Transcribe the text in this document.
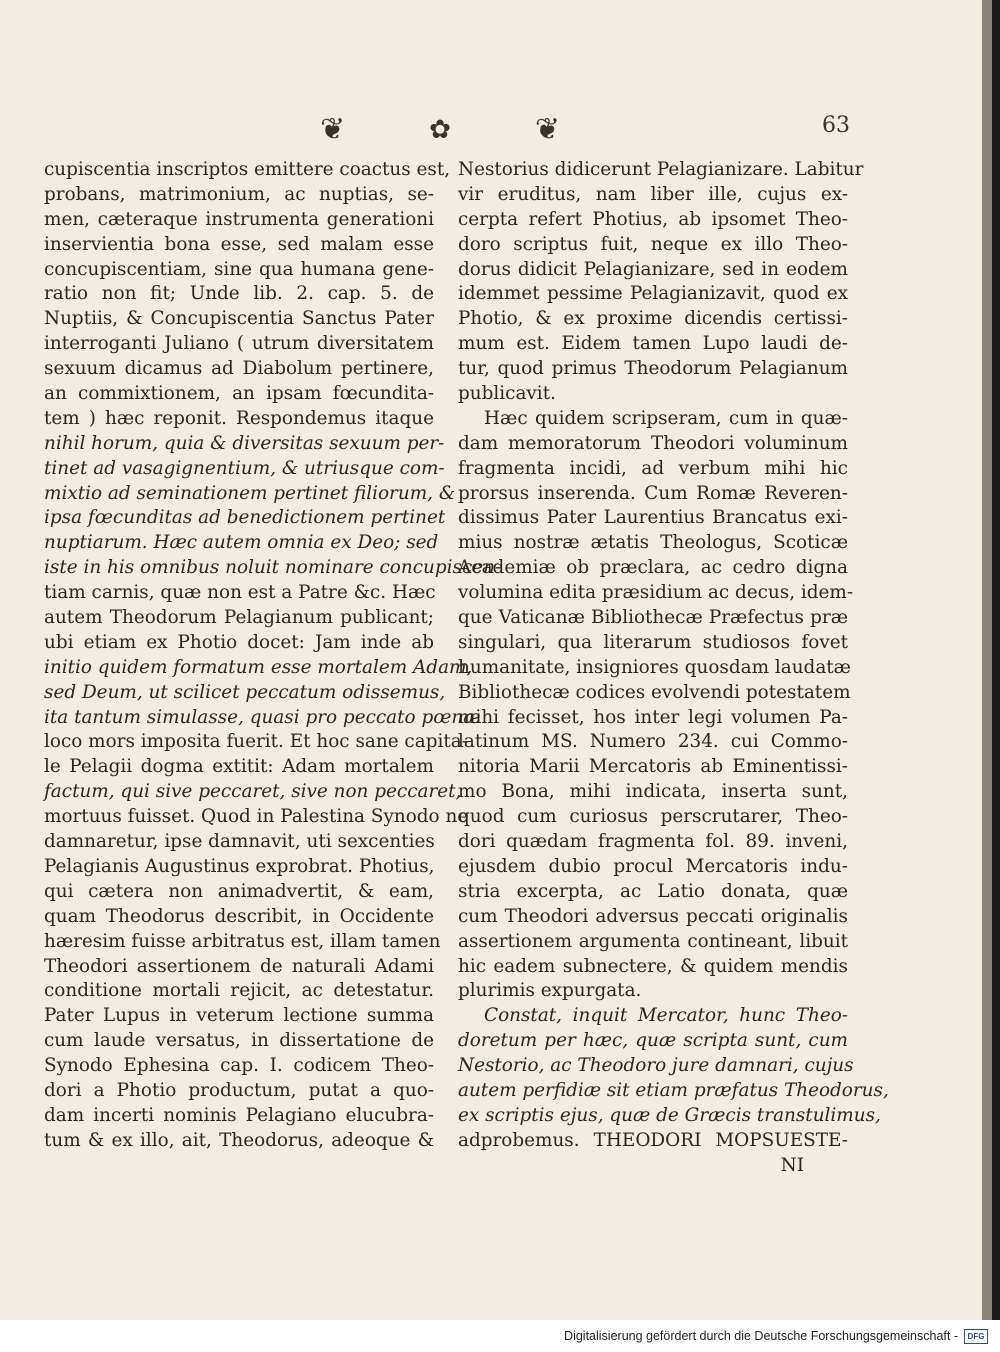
❦	✿	❦	63
cupiscentia inscriptos emittere coactus est,
probans, matrimonium, ac nuptias, se-
men, cæteraque instrumenta generationi
inservientia bona esse, sed malam esse
concupiscentiam, sine qua humana gene-
ratio non fit; Unde lib. 2. cap. 5. de
Nuptiis, & Concupiscentia Sanctus Pater
interroganti Juliano ( utrum diversitatem
sexuum dicamus ad Diabolum pertinere,
an commixtionem, an ipsam fœcundita-
tem ) hæc reponit. Respondemus itaque
nihil horum, quia & diversitas sexuum per-
tinet ad vasagignentium, & utriusque com-
mixtio ad seminationem pertinet filiorum, &
ipsa fœcunditas ad benedictionem pertinet
nuptiarum. Hæc autem omnia ex Deo; sed
iste in his omnibus noluit nominare concupiscen-
tiam carnis, quæ non est a Patre &c. Hæc
autem Theodorum Pelagianum publicant;
ubi etiam ex Photio docet: Jam inde ab
initio quidem formatum esse mortalem Adam,
sed Deum, ut scilicet peccatum odissemus,
ita tantum simulasse, quasi pro peccato pœnæ
loco mors imposita fuerit. Et hoc sane capita-
le Pelagii dogma extitit: Adam mortalem
factum, qui sive peccaret, sive non peccaret,
mortuus fuisset. Quod in Palestina Synodo ne
damnaretur, ipse damnavit, uti sexcenties
Pelagianis Augustinus exprobrat. Photius,
qui cætera non animadvertit, & eam,
quam Theodorus describit, in Occidente
hæresim fuisse arbitratus est, illam tamen
Theodori assertionem de naturali Adami
conditione mortali rejicit, ac detestatur.
Pater Lupus in veterum lectione summa
cum laude versatus, in dissertatione de
Synodo Ephesina cap. I. codicem Theo-
dori a Photio productum, putat a quo-
dam incerti nominis Pelagiano elucubra-
tum & ex illo, ait, Theodorus, adeoque &
Nestorius didicerunt Pelagianizare. Labitur
vir eruditus, nam liber ille, cujus ex-
cerpta refert Photius, ab ipsomet Theo-
doro scriptus fuit, neque ex illo Theo-
dorus didicit Pelagianizare, sed in eodem
idemmet pessime Pelagianizavit, quod ex
Photio, & ex proxime dicendis certissi-
mum est. Eidem tamen Lupo laudi de-
tur, quod primus Theodorum Pelagianum
publicavit.
Hæc quidem scripseram, cum in quæ-
dam memoratorum Theodori voluminum
fragmenta incidi, ad verbum mihi hic
prorsus inserenda. Cum Romæ Reveren-
dissimus Pater Laurentius Brancatus exi-
mius nostræ ætatis Theologus, Scoticæ
Academiæ ob præclara, ac cedro digna
volumina edita præsidium ac decus, idem-
que Vaticanæ Bibliothecæ Præfectus præ
singulari, qua literarum studiosos fovet
humanitate, insigniores quosdam laudatæ
Bibliothecæ codices evolvendi potestatem
mihi fecisset, hos inter legi volumen Pa-
latinum MS. Numero 234. cui Commo-
nitoria Marii Mercatoris ab Eminentissi-
mo Bona, mihi indicata, inserta sunt,
quod cum curiosus perscrutarer, Theo-
dori quædam fragmenta fol. 89. inveni,
ejusdem dubio procul Mercatoris indu-
stria excerpta, ac Latio donata, quæ
cum Theodori adversus peccati originalis
assertionem argumenta contineant, libuit
hic eadem subnectere, & quidem mendis
plurimis expurgata.
Constat, inquit Mercator, hunc Theo-
doretum per hæc, quæ scripta sunt, cum
Nestorio, ac Theodoro jure damnari, cujus
autem perfidiæ sit etiam præfatus Theodorus,
ex scriptis ejus, quæ de Græcis transtulimus,
adprobemus. THEODORI MOPSUESTE-
NI
Digitalisierung gefördert durch die Deutsche Forschungsgemeinschaft -	DFG
